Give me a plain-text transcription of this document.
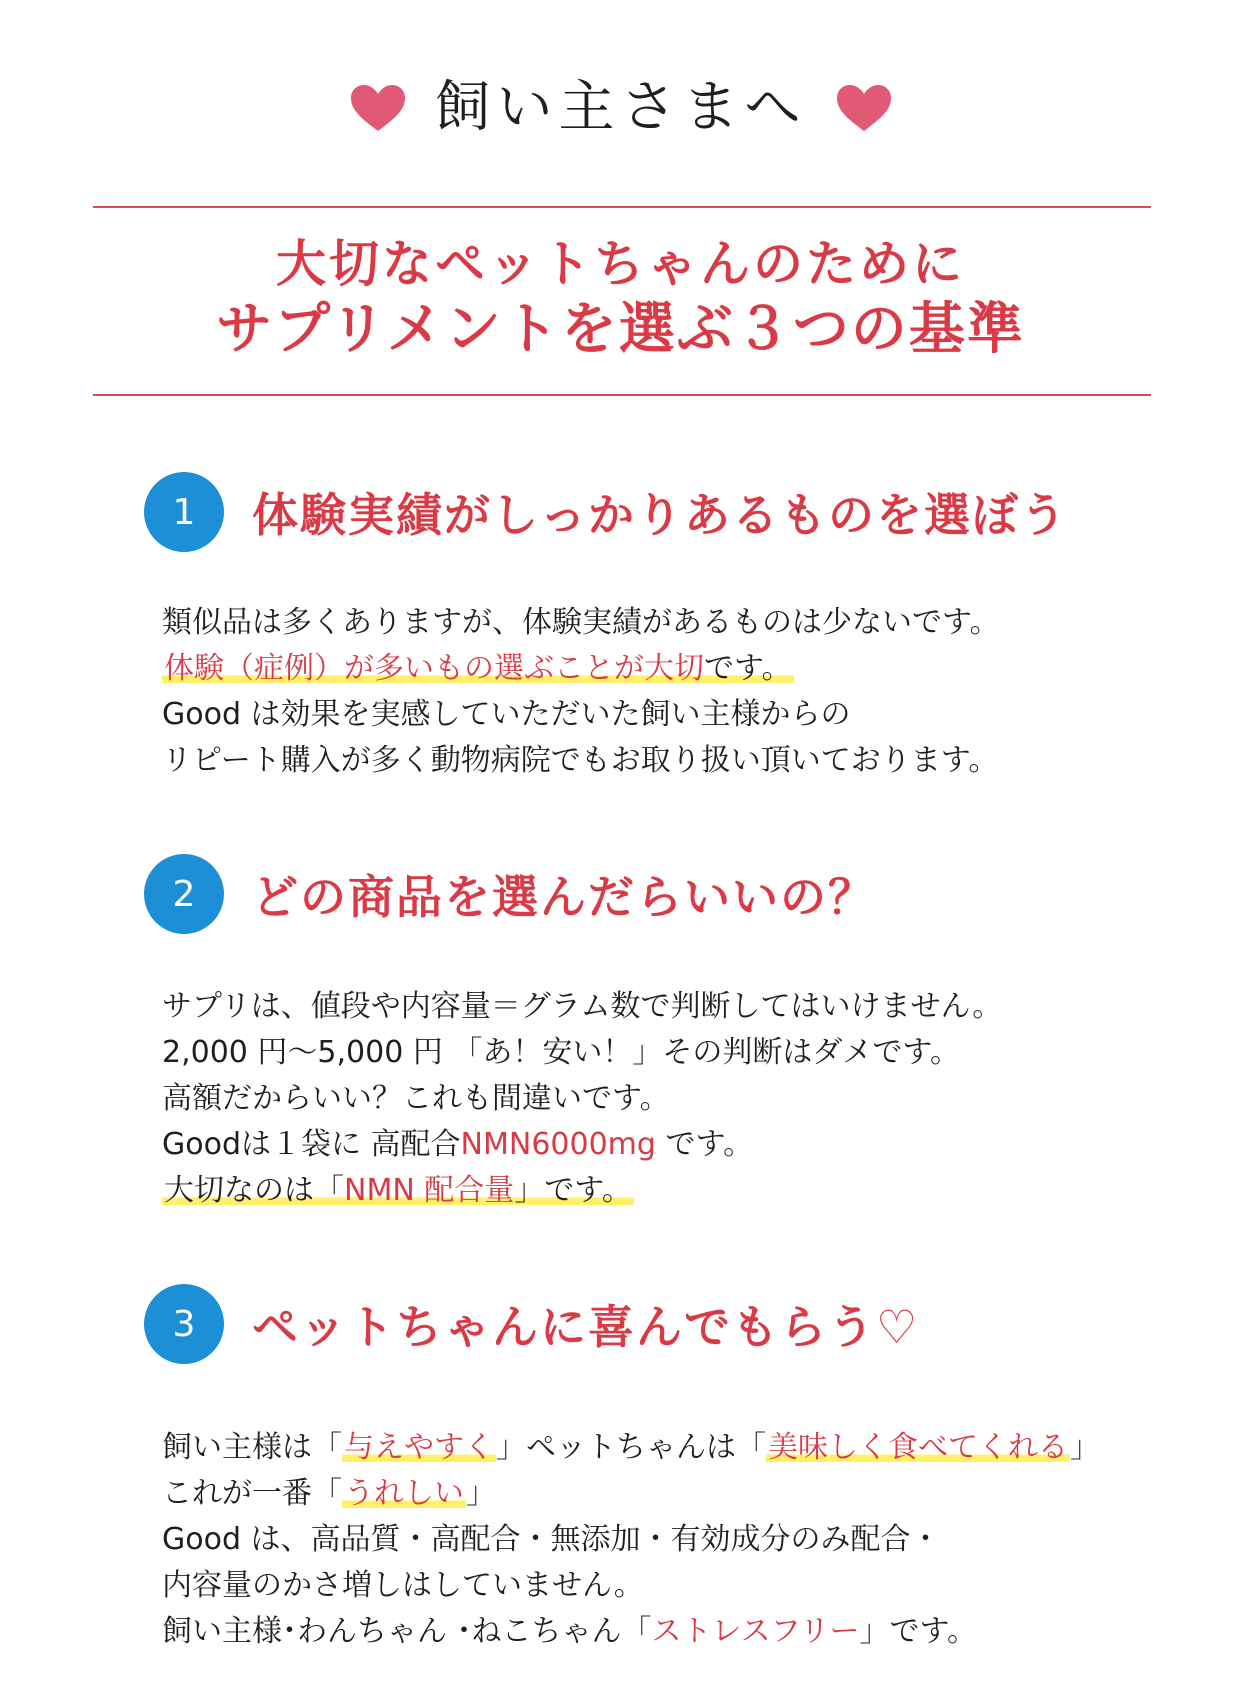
飼い主さまへ
大切なペットちゃんのために
サプリメントを選ぶ３つの基準
1	体験実績がしっかりあるものを選ぼう
類似品は多くありますが、体験実績があるものは少ないです。
体験（症例）が多いもの選ぶことが大切です。
Good は効果を実感していただいた飼い主様からの
リピート購入が多く動物病院でもお取り扱い頂いております。
2	どの商品を選んだらいいの？
サプリは、値段や内容量＝グラム数で判断してはいけません。
2,000 円〜5,000 円 「あ！安い！」その判断はダメです。
高額だからいい？これも間違いです。
Goodは１袋に 高配合NMN6000mg です。
大切なのは「NMN 配合量」です。
3	ペットちゃんに喜んでもらう♡
飼い主様は「与えやすく」ペットちゃんは「美味しく食べてくれる」
これが一番「うれしい」
Good は、高品質・高配合・無添加・有効成分のみ配合・
内容量のかさ増しはしていません。
飼い主様･わんちゃん ･ねこちゃん「ストレスフリー」です。
